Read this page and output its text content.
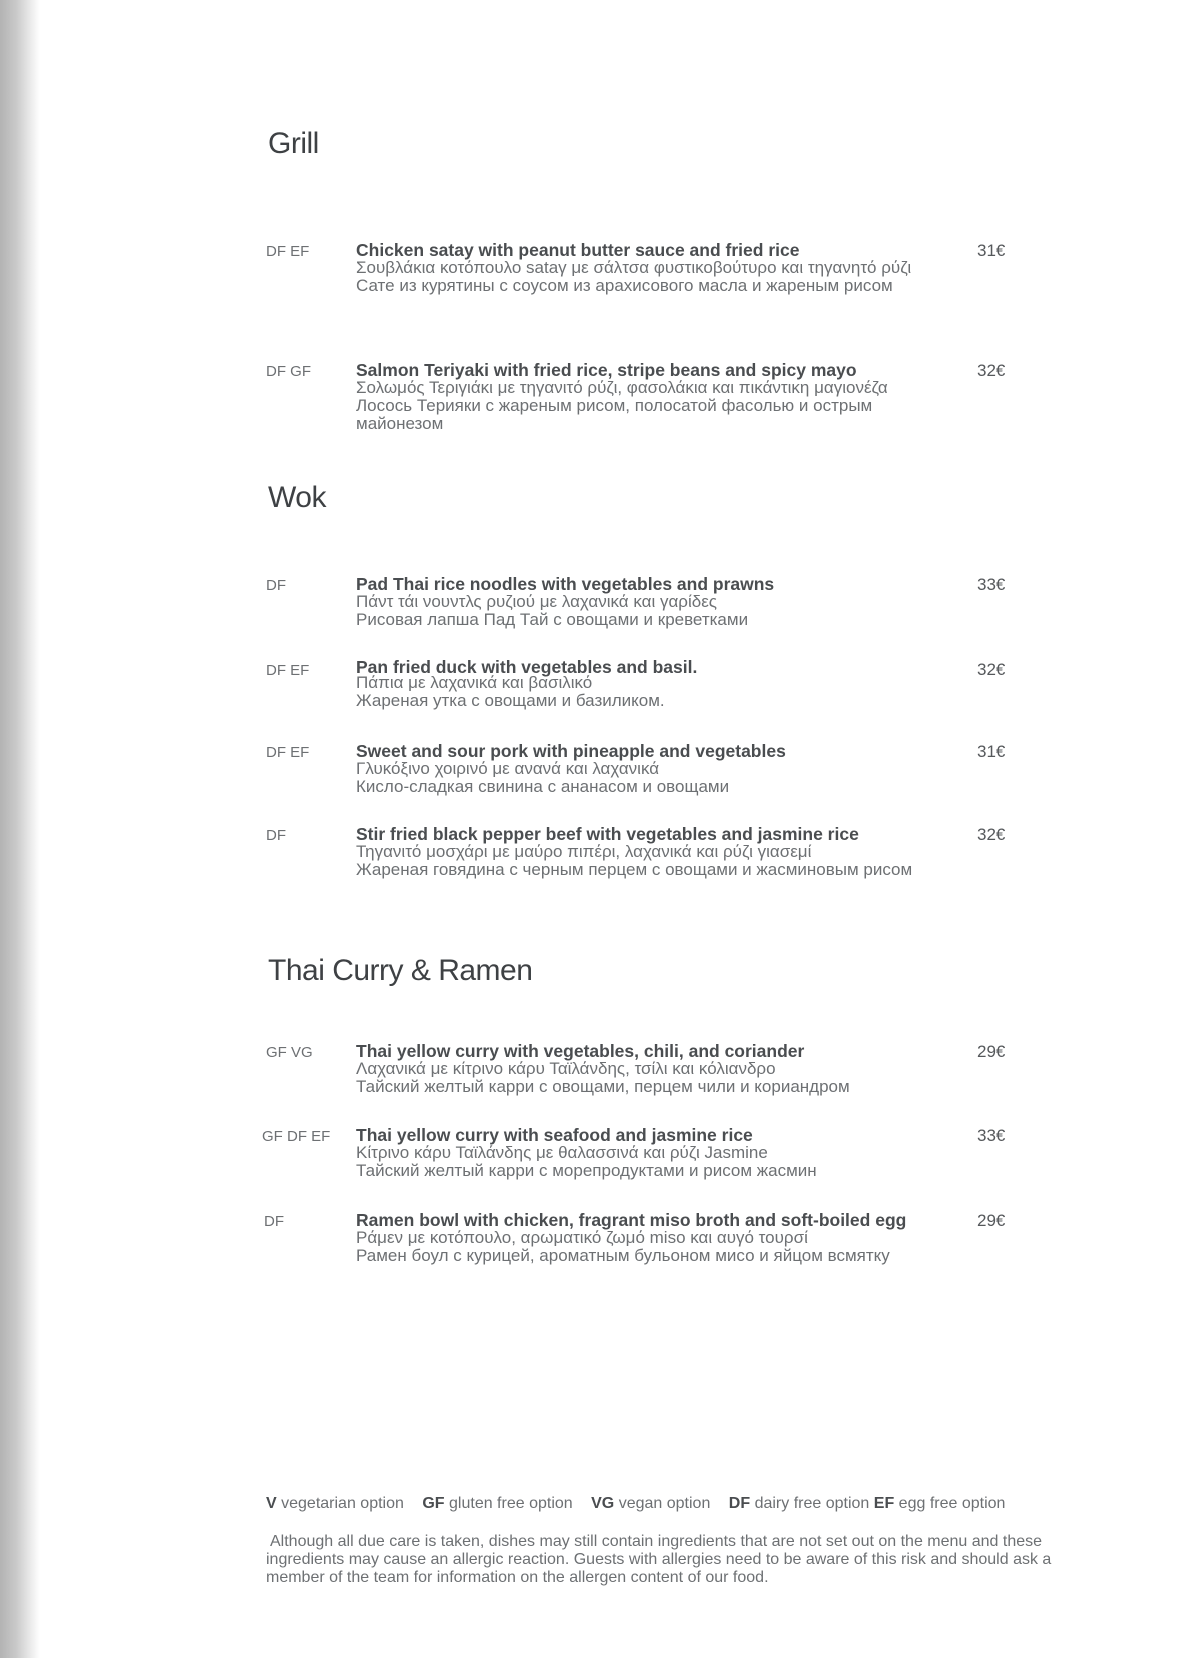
Grill
DF EF	Chicken satay with peanut butter sauce and fried rice
Σουβλάκια κοτόπουλο sataγ με σάλτσα φυστικοβούτυρο και τηγανητό ρύζι
Сате из курятины с соусом из арахисового масла и жареным рисом
31€
DF GF	Salmon Teriyaki with fried rice, stripe beans and spicy mayo
Σολωμός Τεριγιάκι με τηγανιτό ρύζι, φασολάκια και πικάντικη μαγιονέζα
Лосось Терияки с жареным рисом, полосатой фасолью и острым майонезом
32€
Wok
DF	Pad Thai rice noodles with vegetables and prawns
Πάντ τάι νουντλς ρυζιού με λαχανικά και γαρίδες
Рисовая лапша Пад Тай с овощами и креветками
33€
DF EF	Pan fried duck with vegetables and basil.
Πάπια με λαχανικά και βασιλικό
Жареная утка с овощами и базиликом.
32€
DF EF	Sweet and sour pork with pineapple and vegetables
Γλυκόξινο χοιρινό με ανανά και λαχανικά
Кисло-сладкая свинина с ананасом и овощами
31€
DF	Stir fried black pepper beef with vegetables and jasmine rice
Τηγανιτό μοσχάρι με μαύρο πιπέρι, λαχανικά και ρύζι γιασεμί
Жареная говядина с черным перцем с овощами и жасминовым рисом
32€
Thai Curry & Ramen
GF VG Thai yellow curry with vegetables, chili, and coriander
Λαχανικά με κίτρινο κάρυ Ταϊλάνδης, τσίλι και κόλιανδρο
Тайский желтый карри с овощами, перцем чили и кориандром
29€
GF DF EF Thai yellow curry with seafood and jasmine rice
Κίτρινο κάρυ Ταϊλάνδης με θαλασσινά και ρύζι Jasmine
Тайский желтый карри с морепродуктами и рисом жасмин
33€
DF	Ramen bowl with chicken, fragrant miso broth and soft-boiled egg
Ράμεν με κοτόπουλο, αρωματικό ζωμό miso και αυγό τουρσί
Рамен боул с курицей, ароматным бульоном мисо и яйцом всмятку
29€
V vegetarian option GF gluten free option VG vegan option DF dairy free option EF egg free option
Although all due care is taken, dishes may still contain ingredients that are not set out on the menu and these ingredients may cause an allergic reaction. Guests with allergies need to be aware of this risk and should ask a member of the team for information on the allergen content of our food.
